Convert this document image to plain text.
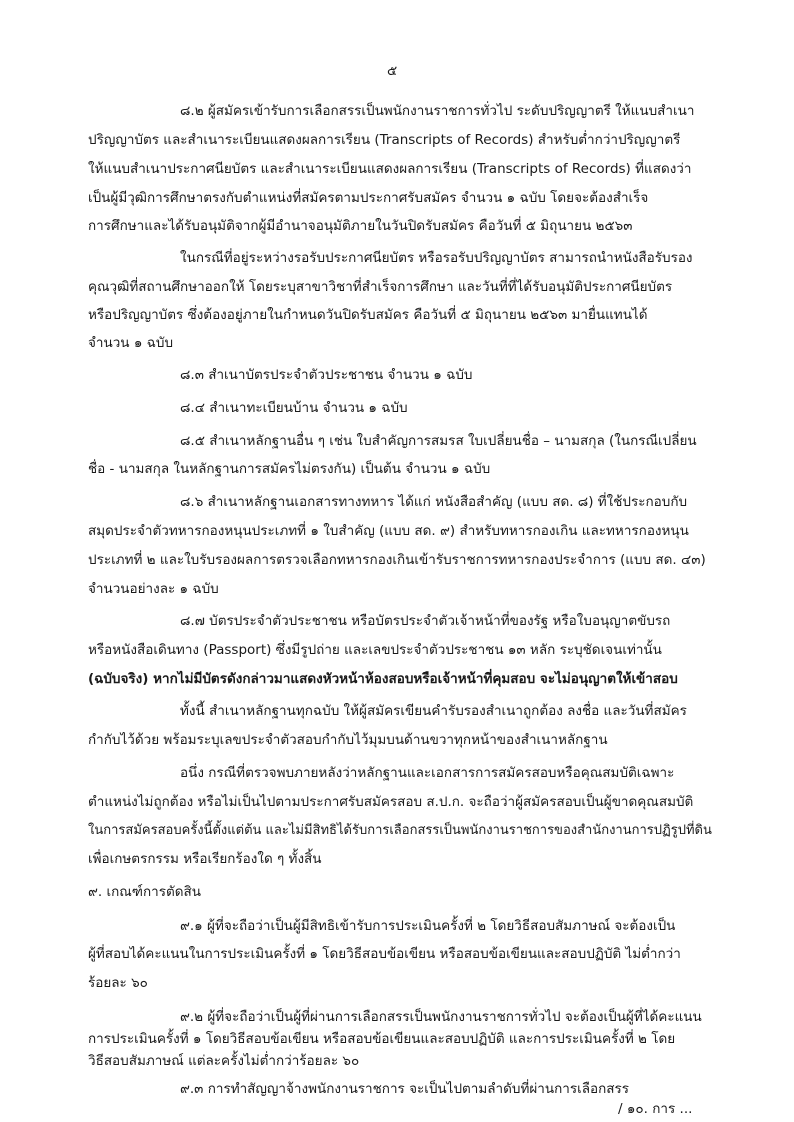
๕

๘.๒ ผู้สมัครเข้ารับการเลือกสรรเป็นพนักงานราชการทั่วไป ระดับปริญญาตรี ให้แนบสำเนา

ปริญญาบัตร และสำเนาระเบียนแสดงผลการเรียน (Transcripts of Records) สำหรับต่ำกว่าปริญญาตรี

ให้แนบสำเนาประกาศนียบัตร และสำเนาระเบียนแสดงผลการเรียน (Transcripts of Records) ที่แสดงว่า

เป็นผู้มีวุฒิการศึกษาตรงกับตำแหน่งที่สมัครตามประกาศรับสมัคร จำนวน ๑ ฉบับ โดยจะต้องสำเร็จ

การศึกษาและได้รับอนุมัติจากผู้มีอำนาจอนุมัติภายในวันปิดรับสมัคร คือวันที่ ๕ มิถุนายน ๒๕๖๓

ในกรณีที่อยู่ระหว่างรอรับประกาศนียบัตร หรือรอรับปริญญาบัตร สามารถนำหนังสือรับรอง

คุณวุฒิที่สถานศึกษาออกให้ โดยระบุสาขาวิชาที่สำเร็จการศึกษา และวันที่ที่ได้รับอนุมัติประกาศนียบัตร

หรือปริญญาบัตร ซึ่งต้องอยู่ภายในกำหนดวันปิดรับสมัคร คือวันที่ ๕ มิถุนายน ๒๕๖๓ มายื่นแทนได้

จำนวน ๑ ฉบับ

๘.๓ สำเนาบัตรประจำตัวประชาชน จำนวน ๑ ฉบับ

๘.๔ สำเนาทะเบียนบ้าน จำนวน ๑ ฉบับ

๘.๕ สำเนาหลักฐานอื่น ๆ เช่น ใบสำคัญการสมรส ใบเปลี่ยนชื่อ – นามสกุล (ในกรณีเปลี่ยน

ชื่อ - นามสกุล ในหลักฐานการสมัครไม่ตรงกัน) เป็นต้น จำนวน ๑ ฉบับ

๘.๖ สำเนาหลักฐานเอกสารทางทหาร ได้แก่ หนังสือสำคัญ (แบบ สด. ๘) ที่ใช้ประกอบกับ

สมุดประจำตัวทหารกองหนุนประเภทที่ ๑ ใบสำคัญ (แบบ สด. ๙) สำหรับทหารกองเกิน และทหารกองหนุน

ประเภทที่ ๒ และใบรับรองผลการตรวจเลือกทหารกองเกินเข้ารับราชการทหารกองประจำการ (แบบ สด. ๔๓)

จำนวนอย่างละ ๑ ฉบับ

๘.๗ บัตรประจำตัวประชาชน หรือบัตรประจำตัวเจ้าหน้าที่ของรัฐ หรือใบอนุญาตขับรถ

หรือหนังสือเดินทาง (Passport) ซึ่งมีรูปถ่าย และเลขประจำตัวประชาชน ๑๓ หลัก ระบุชัดเจนเท่านั้น

(ฉบับจริง) หากไม่มีบัตรดังกล่าวมาแสดงหัวหน้าห้องสอบหรือเจ้าหน้าที่คุมสอบ จะไม่อนุญาตให้เข้าสอบ

ทั้งนี้ สำเนาหลักฐานทุกฉบับ ให้ผู้สมัครเขียนคำรับรองสำเนาถูกต้อง ลงชื่อ และวันที่สมัคร

กำกับไว้ด้วย พร้อมระบุเลขประจำตัวสอบกำกับไว้มุมบนด้านขวาทุกหน้าของสำเนาหลักฐาน

อนึ่ง กรณีที่ตรวจพบภายหลังว่าหลักฐานและเอกสารการสมัครสอบหรือคุณสมบัติเฉพาะ

ตำแหน่งไม่ถูกต้อง หรือไม่เป็นไปตามประกาศรับสมัครสอบ ส.ป.ก. จะถือว่าผู้สมัครสอบเป็นผู้ขาดคุณสมบัติ

ในการสมัครสอบครั้งนี้ตั้งแต่ต้น และไม่มีสิทธิได้รับการเลือกสรรเป็นพนักงานราชการของสำนักงานการปฏิรูปที่ดิน

เพื่อเกษตรกรรม หรือเรียกร้องใด ๆ ทั้งสิ้น

๙. เกณฑ์การตัดสิน

๙.๑ ผู้ที่จะถือว่าเป็นผู้มีสิทธิเข้ารับการประเมินครั้งที่ ๒ โดยวิธีสอบสัมภาษณ์ จะต้องเป็น

ผู้ที่สอบได้คะแนนในการประเมินครั้งที่ ๑ โดยวิธีสอบข้อเขียน หรือสอบข้อเขียนและสอบปฏิบัติ ไม่ต่ำกว่า

ร้อยละ ๖๐

๙.๒ ผู้ที่จะถือว่าเป็นผู้ที่ผ่านการเลือกสรรเป็นพนักงานราชการทั่วไป จะต้องเป็นผู้ที่ได้คะแนน

การประเมินครั้งที่ ๑ โดยวิธีสอบข้อเขียน หรือสอบข้อเขียนและสอบปฏิบัติ และการประเมินครั้งที่ ๒ โดย

วิธีสอบสัมภาษณ์ แต่ละครั้งไม่ต่ำกว่าร้อยละ ๖๐

๙.๓ การทำสัญญาจ้างพนักงานราชการ จะเป็นไปตามลำดับที่ผ่านการเลือกสรร

/ ๑๐. การ ...
